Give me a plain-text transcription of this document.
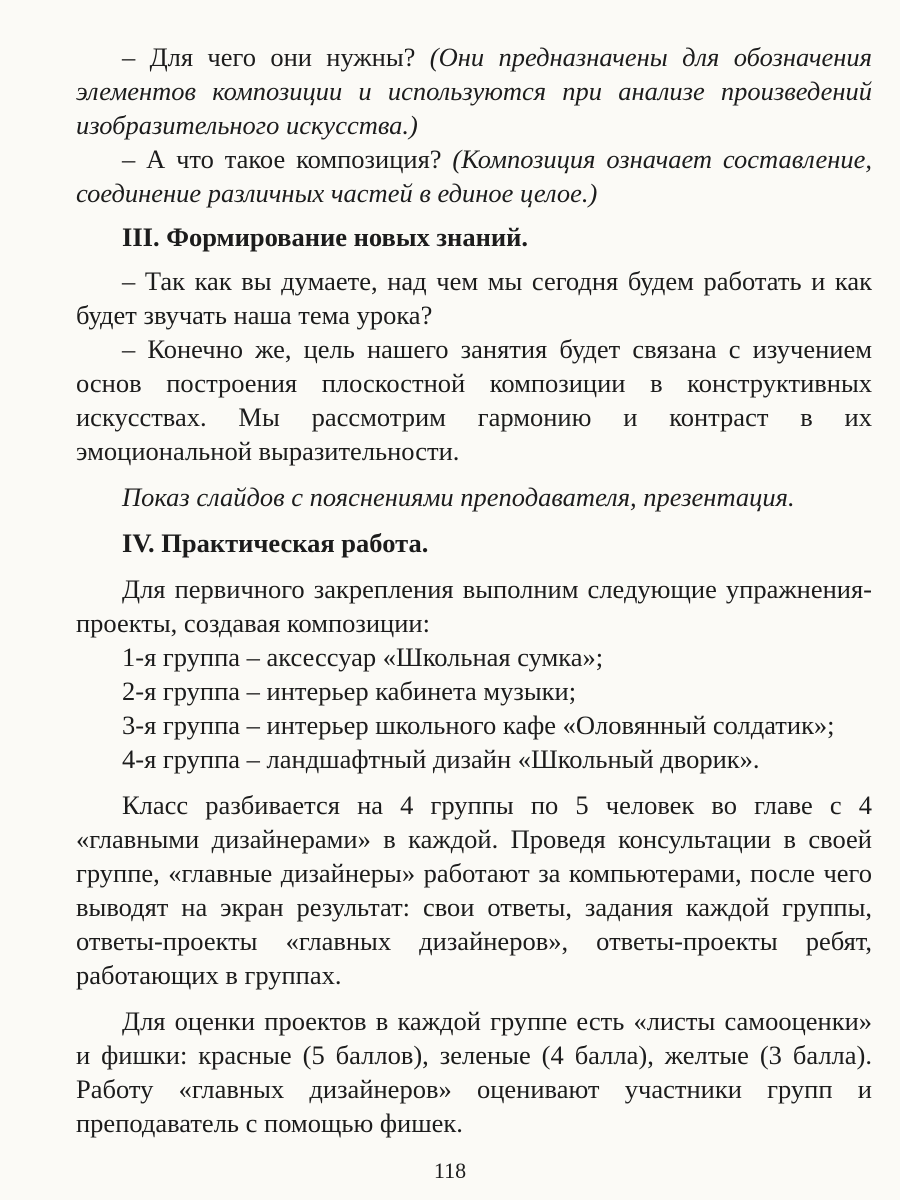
– Для чего они нужны? (Они предназначены для обозначения элементов композиции и используются при анализе произведений изобразительного искусства.)

– А что такое композиция? (Композиция означает составление, соединение различных частей в единое целое.)

III. Формирование новых знаний.

– Так как вы думаете, над чем мы сегодня будем работать и как будет звучать наша тема урока?

– Конечно же, цель нашего занятия будет связана с изучением основ построения плоскостной композиции в конструктивных искусствах. Мы рассмотрим гармонию и контраст в их эмоциональной выразительности.

Показ слайдов с пояснениями преподавателя, презентация.

IV. Практическая работа.

Для первичного закрепления выполним следующие упражнения-проекты, создавая композиции:

1-я группа – аксессуар «Школьная сумка»;

2-я группа – интерьер кабинета музыки;

3-я группа – интерьер школьного кафе «Оловянный солдатик»;

4-я группа – ландшафтный дизайн «Школьный дворик».

Класс разбивается на 4 группы по 5 человек во главе с 4 «главными дизайнерами» в каждой. Проведя консультации в своей группе, «главные дизайнеры» работают за компьютерами, после чего выводят на экран результат: свои ответы, задания каждой группы, ответы-проекты «главных дизайнеров», ответы-проекты ребят, работающих в группах.

Для оценки проектов в каждой группе есть «листы самооценки» и фишки: красные (5 баллов), зеленые (4 балла), желтые (3 балла). Работу «главных дизайнеров» оценивают участники групп и преподаватель с помощью фишек.

118
